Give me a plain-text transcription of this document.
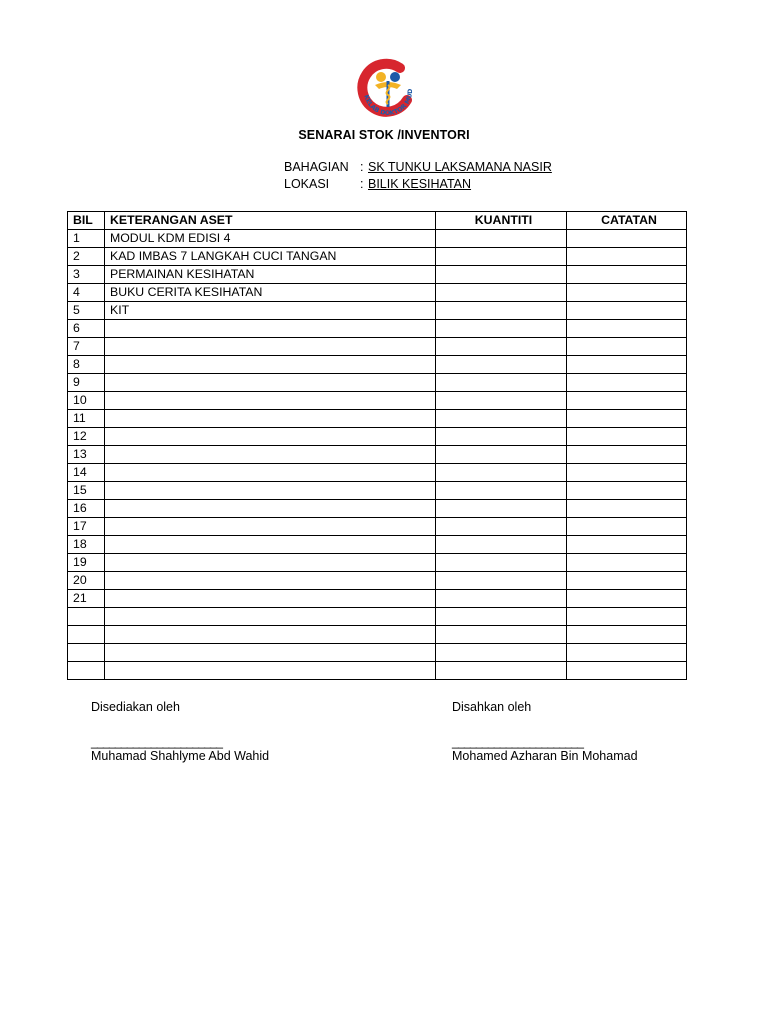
KELAB DOKTOR MUD
SENARAI STOK /INVENTORI
BAHAGIAN : SK TUNKU LAKSAMANA NASIR
LOKASI : BILIK KESIHATAN
BIL	KETERANGAN ASET	KUANTITI	CATATAN
1	MODUL KDM EDISI 4		
2	KAD IMBAS 7 LANGKAH CUCI TANGAN		
3	PERMAINAN KESIHATAN		
4	BUKU CERITA KESIHATAN		
5	KIT		
6			
7			
8			
9			
10			
11			
12			
13			
14			
15			
16			
17			
18			
19			
20			
21			

Disediakan oleh
______________________
Muhamad Shahlyme Abd Wahid
Disahkan oleh
______________________
Mohamed Azharan Bin Mohamad
